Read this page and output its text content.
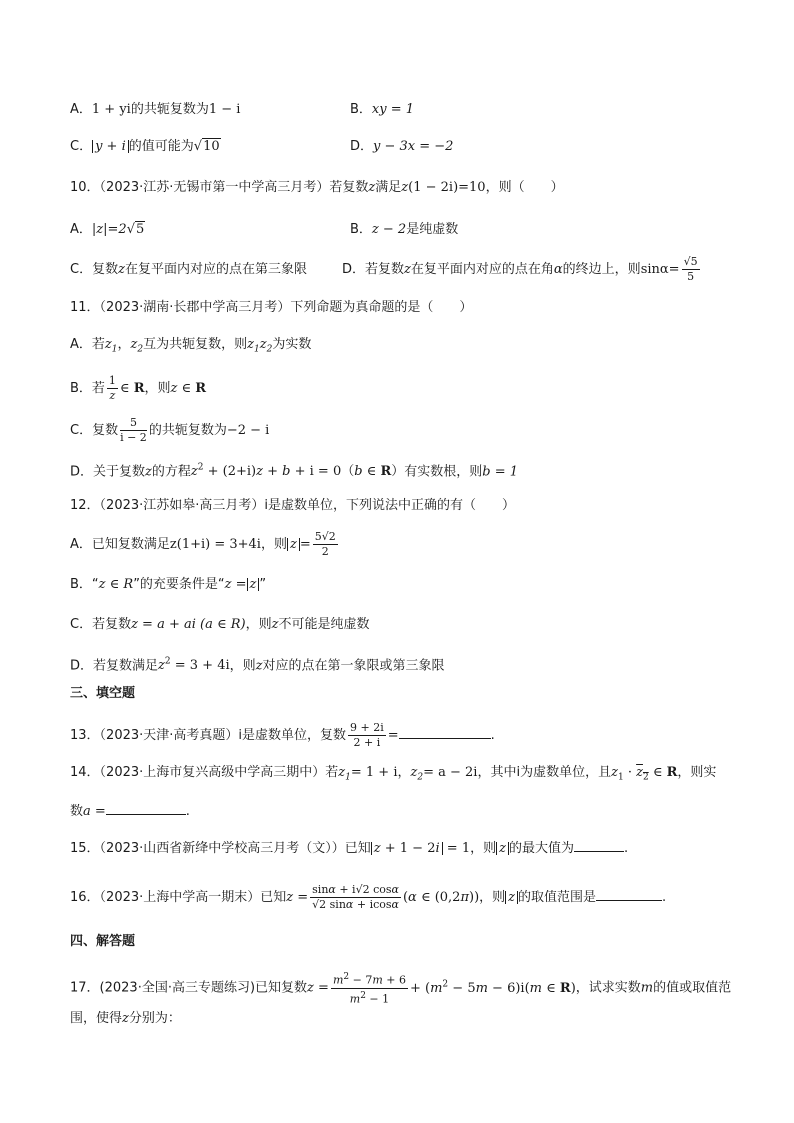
A．1 + yi的共轭复数为1 − i	B．xy = 1
C． y + i 的值可能为√10	D．y − 3x = −2
10．（2023·江苏·无锡市第一中学高三月考）若复数z满足z(1 − 2i)=10，则（　　）
A．|z|=2√5	B．z − 2是纯虚数
C．复数z在复平面内对应的点在第三象限	D．若复数z在复平面内对应的点在角α的终边上，则$\sin\alpha= \frac{√5}{5}$
11．（2023·湖南·长郡中学高三月考）下列命题为真命题的是（　　）
A．若$z_1$，$z_2$互为共轭复数，则$z_1z_2$为实数
B．若 $\frac{1}{z}$ ∈ R，则z ∈ R
C．复数 $\frac{5}{i - 2}$ 的共轭复数为−2 − i
D．关于复数z的方程$z^2 + (2+i)z + b + i = 0(b$ ∈ R）有实数根，则b = 1
12．（2023·江苏如皋·高三月考）i是虚数单位，下列说法中正确的有（　　）
A．已知复数满足z(1+i) = 3+4i，则 $z = \frac{5√2}{2}$
B．“z ∈ R”的充要条件是“z = z ”
C．若复数z = a + ai (a ∈ R)，则z不可能是纯虚数
D．若复数满足$z^2 = 3 + 4i$，则z对应的点在第一象限或第三象限
三、填空题
13．（2023·天津·高考真题）i是虚数单位，复数 $\frac{9 + 2i}{2 + i}$ =	.
14．（2023·上海市复兴高级中学高三期中）若$z_1= 1 + i$，$z_2= a - 2i$，其中i为虚数单位，且$z_1 \cdot z_2$ ∈ R，则实
数a =	.
15．（2023·山西省新绛中学校高三月考（文））已知 z + 1 − 2i = 1，则 z 的最大值为	.
16．（2023·上海中学高一期末）已知$z = \frac{\sin\alpha + i√2 \cos\alpha}{√2 \sin\alpha + icos\alpha} (\alpha$ ∈ (0,2π))，则 z 的取值范围是	.
四、解答题
17．(2023·全国·高三专题练习)已知复数$z = \frac{m^2 - 7m + 6}{m^2 - 1} + (m^2 - 5m - 6)i(m$ ∈ R)，试求实数m的值或取值范
围，使得z分别为：
